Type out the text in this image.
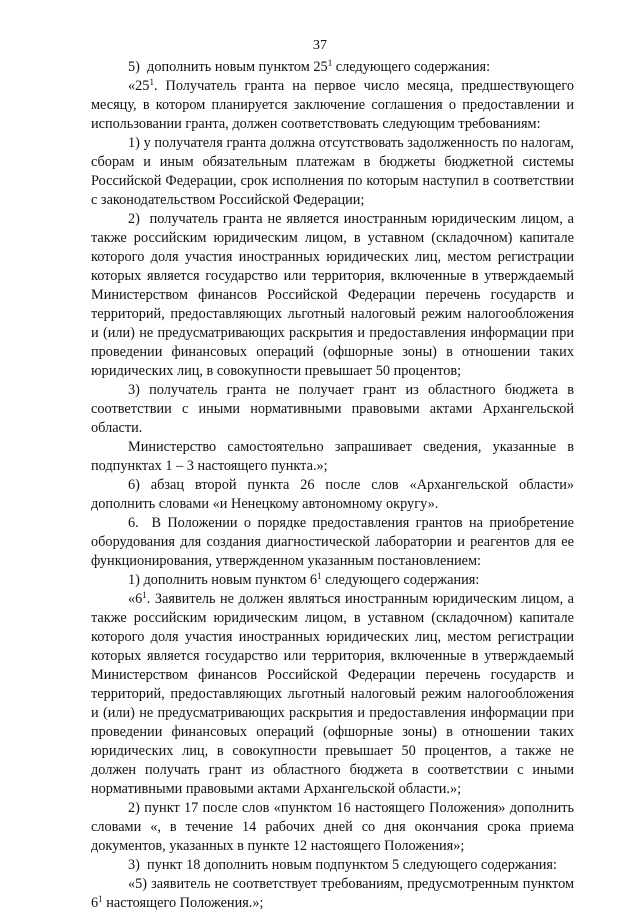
37

5)  дополнить новым пунктом $25^1$ следующего содержания:

«$25^1$. Получатель гранта на первое число месяца, предшествующего месяцу, в котором планируется заключение соглашения о предоставлении и использовании гранта, должен соответствовать следующим требованиям:

1) у получателя гранта должна отсутствовать задолженность по налогам, сборам и иным обязательным платежам в бюджеты бюджетной системы Российской Федерации, срок исполнения по которым наступил в соответствии с законодательством Российской Федерации;

2)  получатель гранта не является иностранным юридическим лицом, а также российским юридическим лицом, в уставном (складочном) капитале которого доля участия иностранных юридических лиц, местом регистрации которых является государство или территория, включенные в утверждаемый Министерством финансов Российской Федерации перечень государств и территорий, предоставляющих льготный налоговый режим налогообложения и (или) не предусматривающих раскрытия и предоставления информации при проведении финансовых операций (офшорные зоны) в отношении таких юридических лиц, в совокупности превышает 50 процентов;

3) получатель гранта не получает грант из областного бюджета в соответствии с иными нормативными правовыми актами Архангельской области.

Министерство самостоятельно запрашивает сведения, указанные в подпунктах 1 – 3 настоящего пункта.»;

6) абзац второй пункта 26 после слов «Архангельской области» дополнить словами «и Ненецкому автономному округу».

6.  В Положении о порядке предоставления грантов на приобретение оборудования для создания диагностической лаборатории и реагентов для ее функционирования, утвержденном указанным постановлением:

1) дополнить новым пунктом $6^1$ следующего содержания:

«$6^1$. Заявитель не должен являться иностранным юридическим лицом, а также российским юридическим лицом, в уставном (складочном) капитале которого доля участия иностранных юридических лиц, местом регистрации которых является государство или территория, включенные в утверждаемый Министерством финансов Российской Федерации перечень государств и территорий, предоставляющих льготный налоговый режим налогообложения и (или) не предусматривающих раскрытия и предоставления информации при проведении финансовых операций (офшорные зоны) в отношении таких юридических лиц, в совокупности превышает 50 процентов, а также не должен получать грант из областного бюджета в соответствии с иными нормативными правовыми актами Архангельской области.»;

2) пункт 17 после слов «пунктом 16 настоящего Положения» дополнить словами «, в течение 14 рабочих дней со дня окончания срока приема документов, указанных в пункте 12 настоящего Положения»;

3)  пункт 18 дополнить новым подпунктом 5 следующего содержания:

«5) заявитель не соответствует требованиям, предусмотренным пунктом $6^1$ настоящего Положения.»;
